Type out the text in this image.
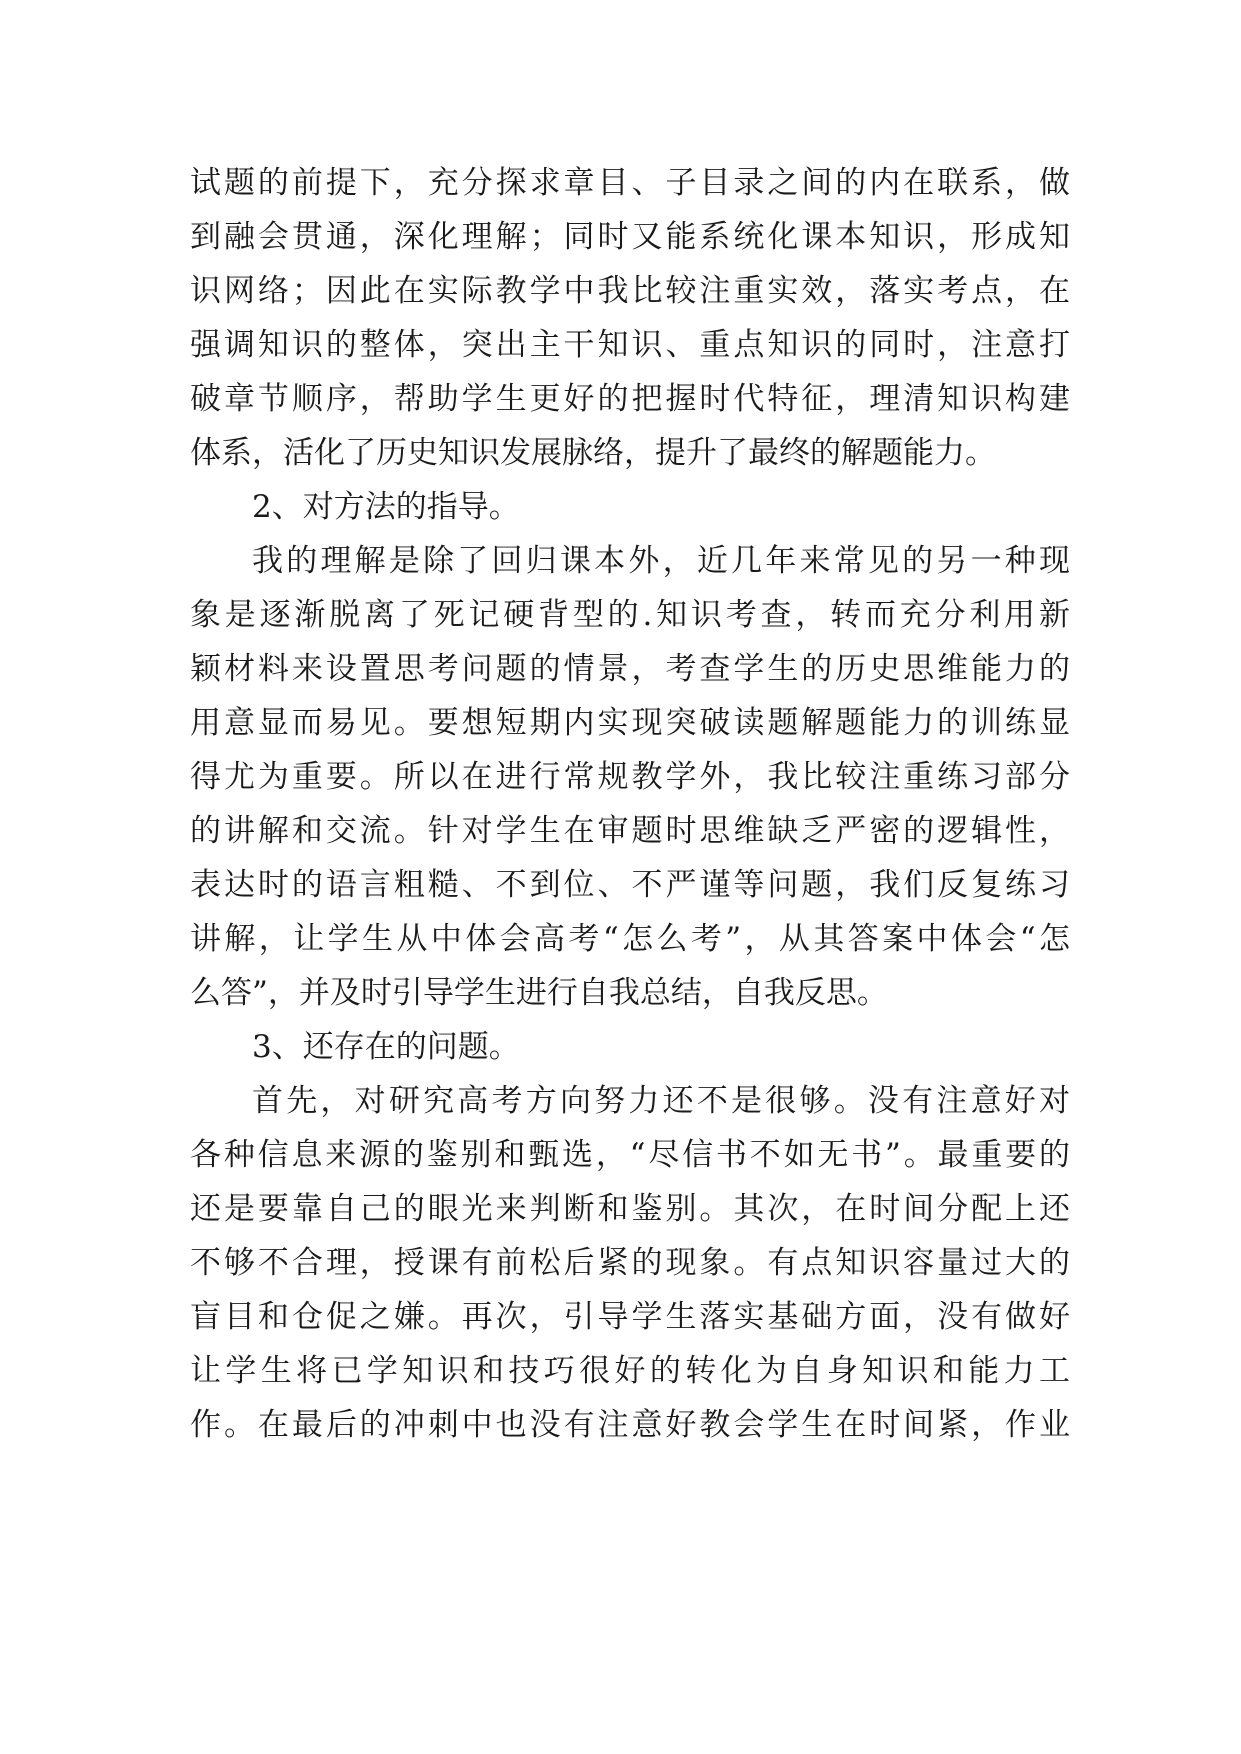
试题的前提下，充分探求章目、子目录之间的内在联系，做
到融会贯通，深化理解；同时又能系统化课本知识，形成知
识网络；因此在实际教学中我比较注重实效，落实考点，在
强调知识的整体，突出主干知识、重点知识的同时，注意打
破章节顺序，帮助学生更好的把握时代特征，理清知识构建
体系，活化了历史知识发展脉络，提升了最终的解题能力。
2、对方法的指导。
我的理解是除了回归课本外，近几年来常见的另一种现
象是逐渐脱离了死记硬背型的.知识考查，转而充分利用新
颖材料来设置思考问题的情景，考查学生的历史思维能力的
用意显而易见。要想短期内实现突破读题解题能力的训练显
得尤为重要。所以在进行常规教学外，我比较注重练习部分
的讲解和交流。针对学生在审题时思维缺乏严密的逻辑性，
表达时的语言粗糙、不到位、不严谨等问题，我们反复练习
讲解，让学生从中体会高考“怎么考”，从其答案中体会“怎
么答”，并及时引导学生进行自我总结，自我反思。
3、还存在的问题。
首先，对研究高考方向努力还不是很够。没有注意好对
各种信息来源的鉴别和甄选，“尽信书不如无书”。最重要的
还是要靠自己的眼光来判断和鉴别。其次，在时间分配上还
不够不合理，授课有前松后紧的现象。有点知识容量过大的
盲目和仓促之嫌。再次，引导学生落实基础方面，没有做好
让学生将已学知识和技巧很好的转化为自身知识和能力工
作。在最后的冲刺中也没有注意好教会学生在时间紧，作业
